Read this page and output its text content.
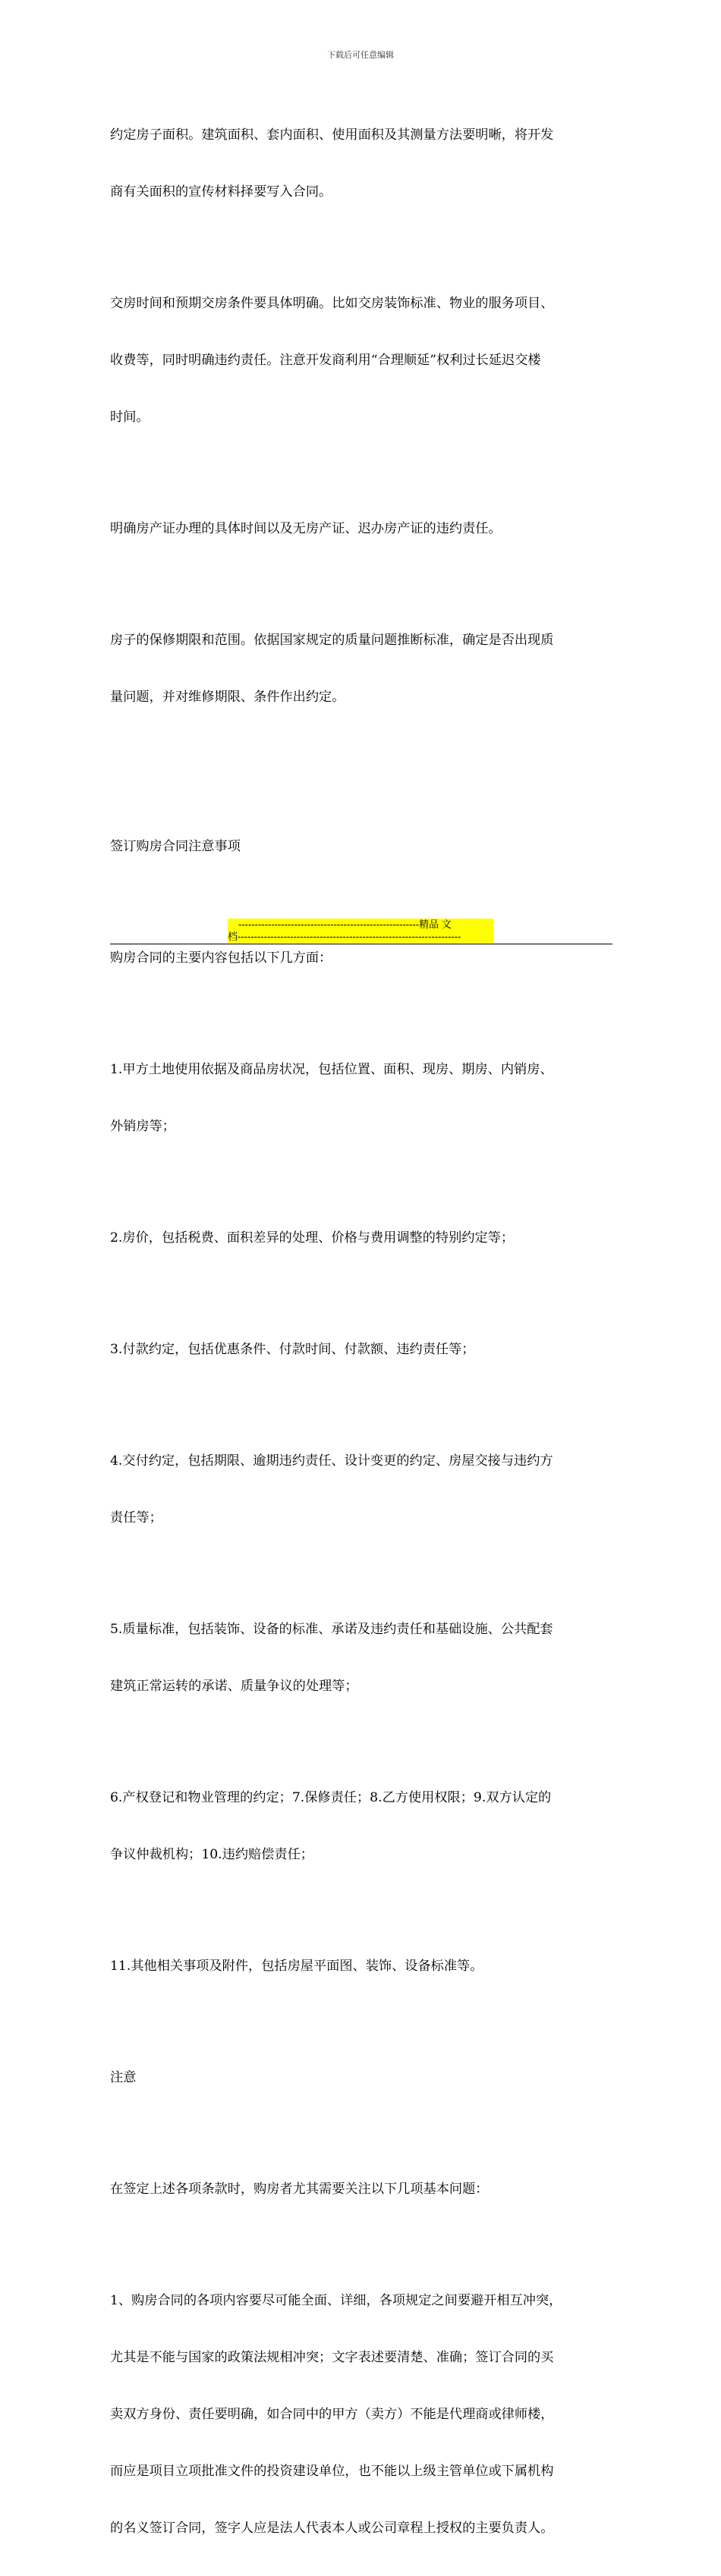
下载后可任意编辑

约定房子面积。建筑面积、套内面积、使用面积及其测量方法要明晰，将开发

商有关面积的宣传材料择要写入合同。

交房时间和预期交房条件要具体明确。比如交房装饰标准、物业的服务项目、

收费等，同时明确违约责任。注意开发商利用“合理顺延”权利过长延迟交楼

时间。

明确房产证办理的具体时间以及无房产证、迟办房产证的违约责任。

房子的保修期限和范围。依据国家规定的质量问题推断标准，确定是否出现质

量问题，并对维修期限、条件作出约定。

签订购房合同注意事项

购房合同的主要内容包括以下几方面：

1.甲方土地使用依据及商品房状况，包括位置、面积、现房、期房、内销房、

外销房等；

2.房价，包括税费、面积差异的处理、价格与费用调整的特别约定等；

3.付款约定，包括优惠条件、付款时间、付款额、违约责任等；

4.交付约定，包括期限、逾期违约责任、设计变更的约定、房屋交接与违约方

责任等；

5.质量标准，包括装饰、设备的标准、承诺及违约责任和基础设施、公共配套

建筑正常运转的承诺、质量争议的处理等；

6.产权登记和物业管理的约定；7.保修责任；8.乙方使用权限；9.双方认定的

争议仲裁机构；10.违约赔偿责任；

11.其他相关事项及附件，包括房屋平面图、装饰、设备标准等。

注意

在签定上述各项条款时，购房者尤其需要关注以下几项基本问题：

1、购房合同的各项内容要尽可能全面、详细，各项规定之间要避开相互冲突，

尤其是不能与国家的政策法规相冲突；文字表述要清楚、准确；签订合同的买

卖双方身份、责任要明确，如合同中的甲方（卖方）不能是代理商或律师楼，

而应是项目立项批准文件的投资建设单位，也不能以上级主管单位或下属机构

的名义签订合同，签字人应是法人代表本人或公司章程上授权的主要负责人。

-------------------------------------------------------精品 文
档--------------------------------------------------------------------
